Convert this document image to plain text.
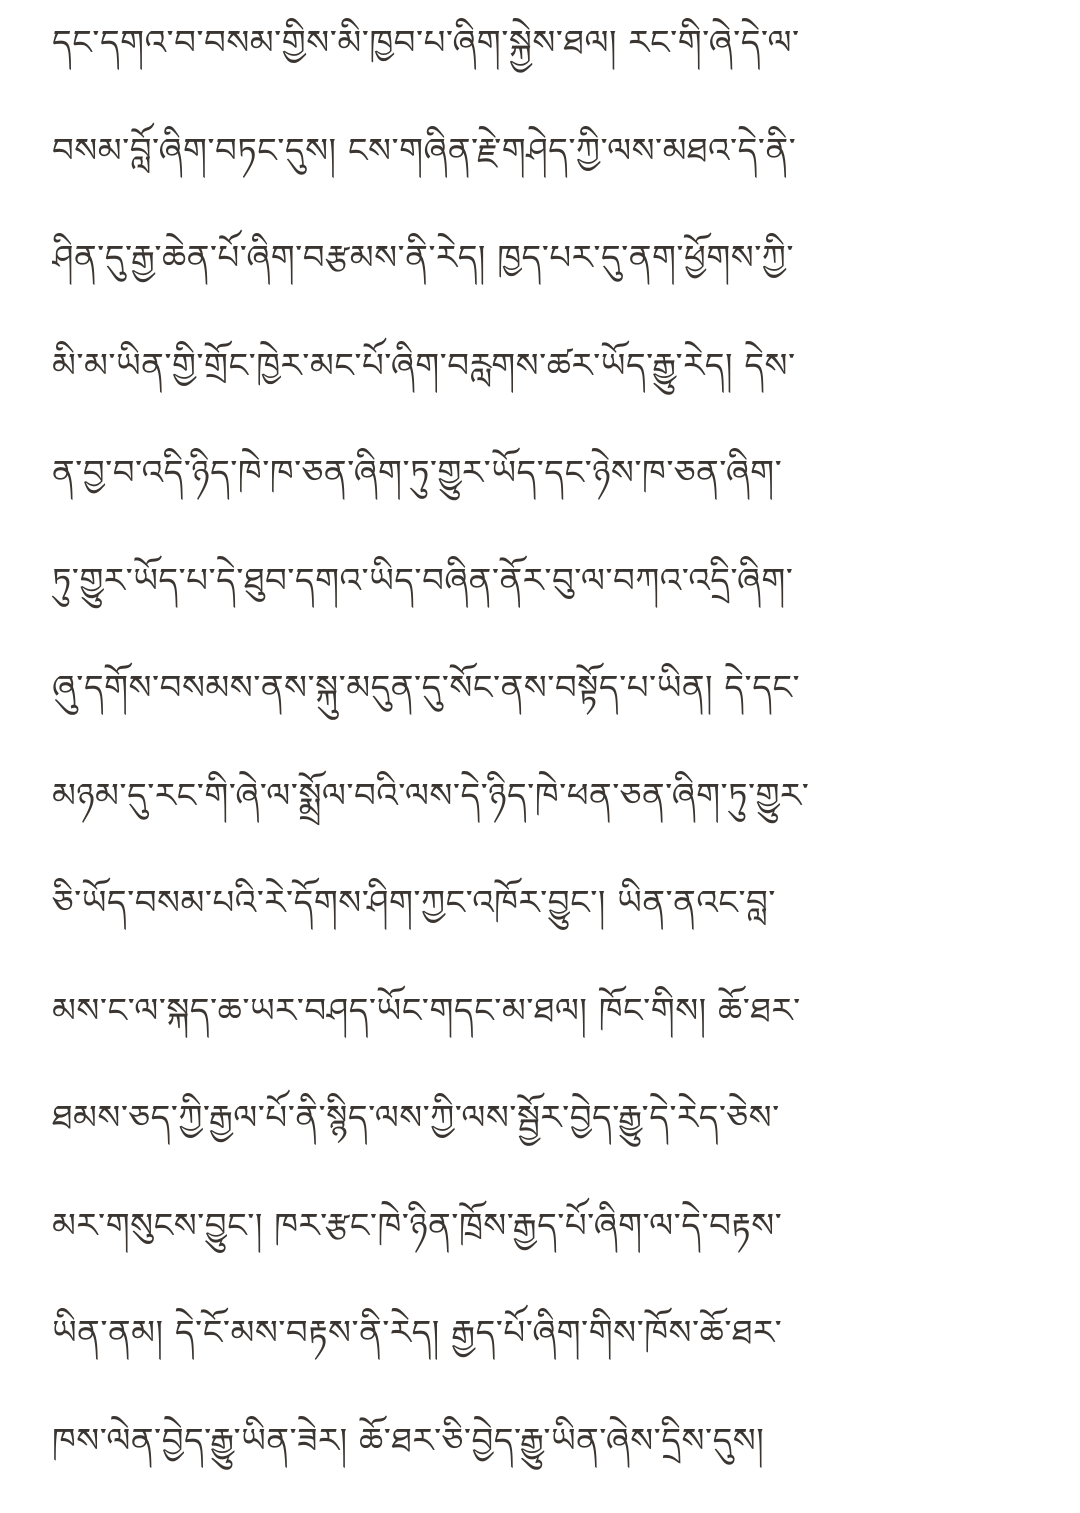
དང་དགའ་བ་བསམ་གྱིས་མི་ཁྱབ་པ་ཞིག་སྐྱེས་ཐལ། རང་གི་ཞེ་དེ་ལ་
བསམ་བློ་ཞིག་བཏང་དུས། ངས་གཞིན་རྗེ་གཤེད་ཀྱི་ལས་མཐའ་དེ་ནི་
ཤིན་དུ་རྒྱ་ཆེན་པོ་ཞིག་བརྩམས་ནི་རེད། ཁྱད་པར་དུ་ནག་ཕྱོགས་ཀྱི་
མི་མ་ཡིན་གྱི་གྲོང་ཁྱེར་མང་པོ་ཞིག་བརླགས་ཚར་ཡོད་རྒྱུ་རེད། དེས་
ན་བྱ་བ་འདི་ཉིད་ཁེ་ཁ་ཅན་ཞིག་ཏུ་གྱུར་ཡོད་དང་ཉེས་ཁ་ཅན་ཞིག་
ཏུ་གྱུར་ཡོད་པ་དེ་ཐུབ་དགའ་ཡིད་བཞིན་ནོར་བུ་ལ་བཀའ་འདྲི་ཞིག་
ཞུ་དགོས་བསམས་ནས་སྐུ་མདུན་དུ་སོང་ནས་བསྟོད་པ་ཡིན། དེ་དང་
མཉམ་དུ་རང་གི་ཞེ་ལ་སྨྲོལ་བའི་ལས་དེ་ཉིད་ཁེ་ཕན་ཅན་ཞིག་ཏུ་གྱུར་
ཅི་ཡོད་བསམ་པའི་རེ་དོགས་ཤིག་ཀྱང་འཁོར་བྱུང་། ཡིན་ནའང་བླ་
མས་ང་ལ་སྐད་ཆ་ཡར་བཤད་ཡོང་གདང་མ་ཐལ། ཁོང་གིས། ཆོ་ཐར་
ཐམས་ཅད་ཀྱི་རྒྱལ་པོ་ནི་སྙིད་ལས་ཀྱི་ལས་སྦྱོར་བྱེད་རྒྱུ་དེ་རེད་ཅེས་
མར་གསུངས་བྱུང་། ཁར་རྩང་ཁེ་ཉིན་ཁྲོས་རྒྱད་པོ་ཞིག་ལ་དེ་བརྟས་
ཡིན་ནམ། དེ་ངོ་མས་བརྟས་ནི་རེད། རྒྱད་པོ་ཞིག་གིས་ཁོས་ཆོ་ཐར་
ཁས་ལེན་བྱེད་རྒྱུ་ཡིན་ཟེར། ཆོ་ཐར་ཅི་བྱེད་རྒྱུ་ཡིན་ཞེས་དྲིས་དུས།
